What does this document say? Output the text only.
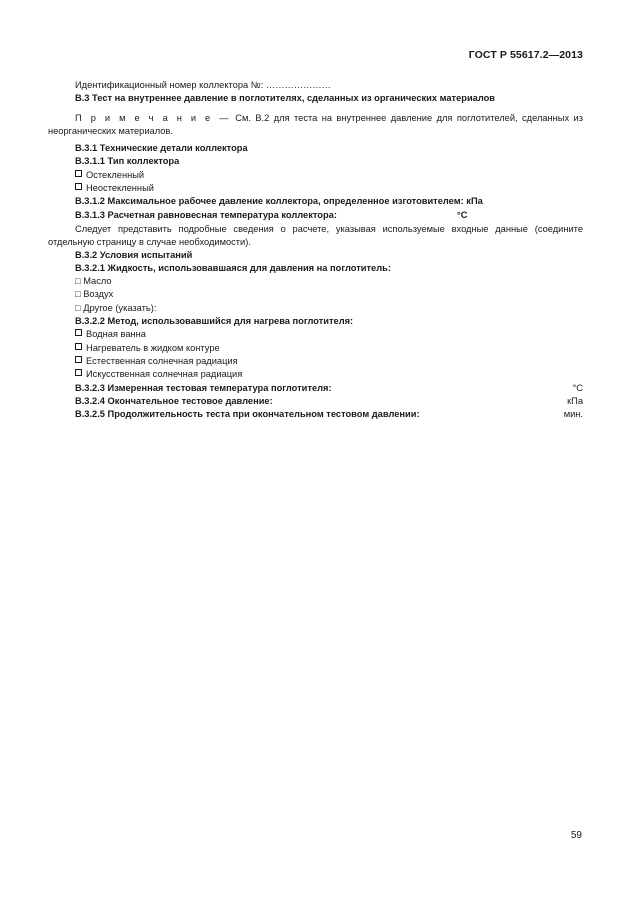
ГОСТ Р 55617.2—2013
Идентификационный номер коллектора №: …………………
В.3 Тест на внутреннее давление в поглотителях, сделанных из органических материалов
П р и м е ч а н и е — См. В.2 для теста на внутреннее давление для поглотителей, сделанных из неорганических материалов.
В.3.1 Технические детали коллектора
В.3.1.1 Тип коллектора
Остекленный
Неостекленный
В.3.1.2 Максимальное рабочее давление коллектора, определенное изготовителем: кПа
В.3.1.3 Расчетная равновесная температура коллектора:	°С
Следует представить подробные сведения о расчете, указывая используемые входные данные (соедините отдельную страницу в случае необходимости).
В.3.2 Условия испытаний
В.3.2.1 Жидкость, использовавшаяся для давления на поглотитель:
□ Масло
□ Воздух
□ Другое (указать):
В.3.2.2 Метод, использовавшийся для нагрева поглотителя:
Водная ванна
Нагреватель в жидком контуре
Естественная солнечная радиация
Искусственная солнечная радиация
В.3.2.3 Измеренная тестовая температура поглотителя:	°С
В.3.2.4 Окончательное тестовое давление:	кПа
В.3.2.5 Продолжительность теста при окончательном тестовом давлении:	мин.
59
